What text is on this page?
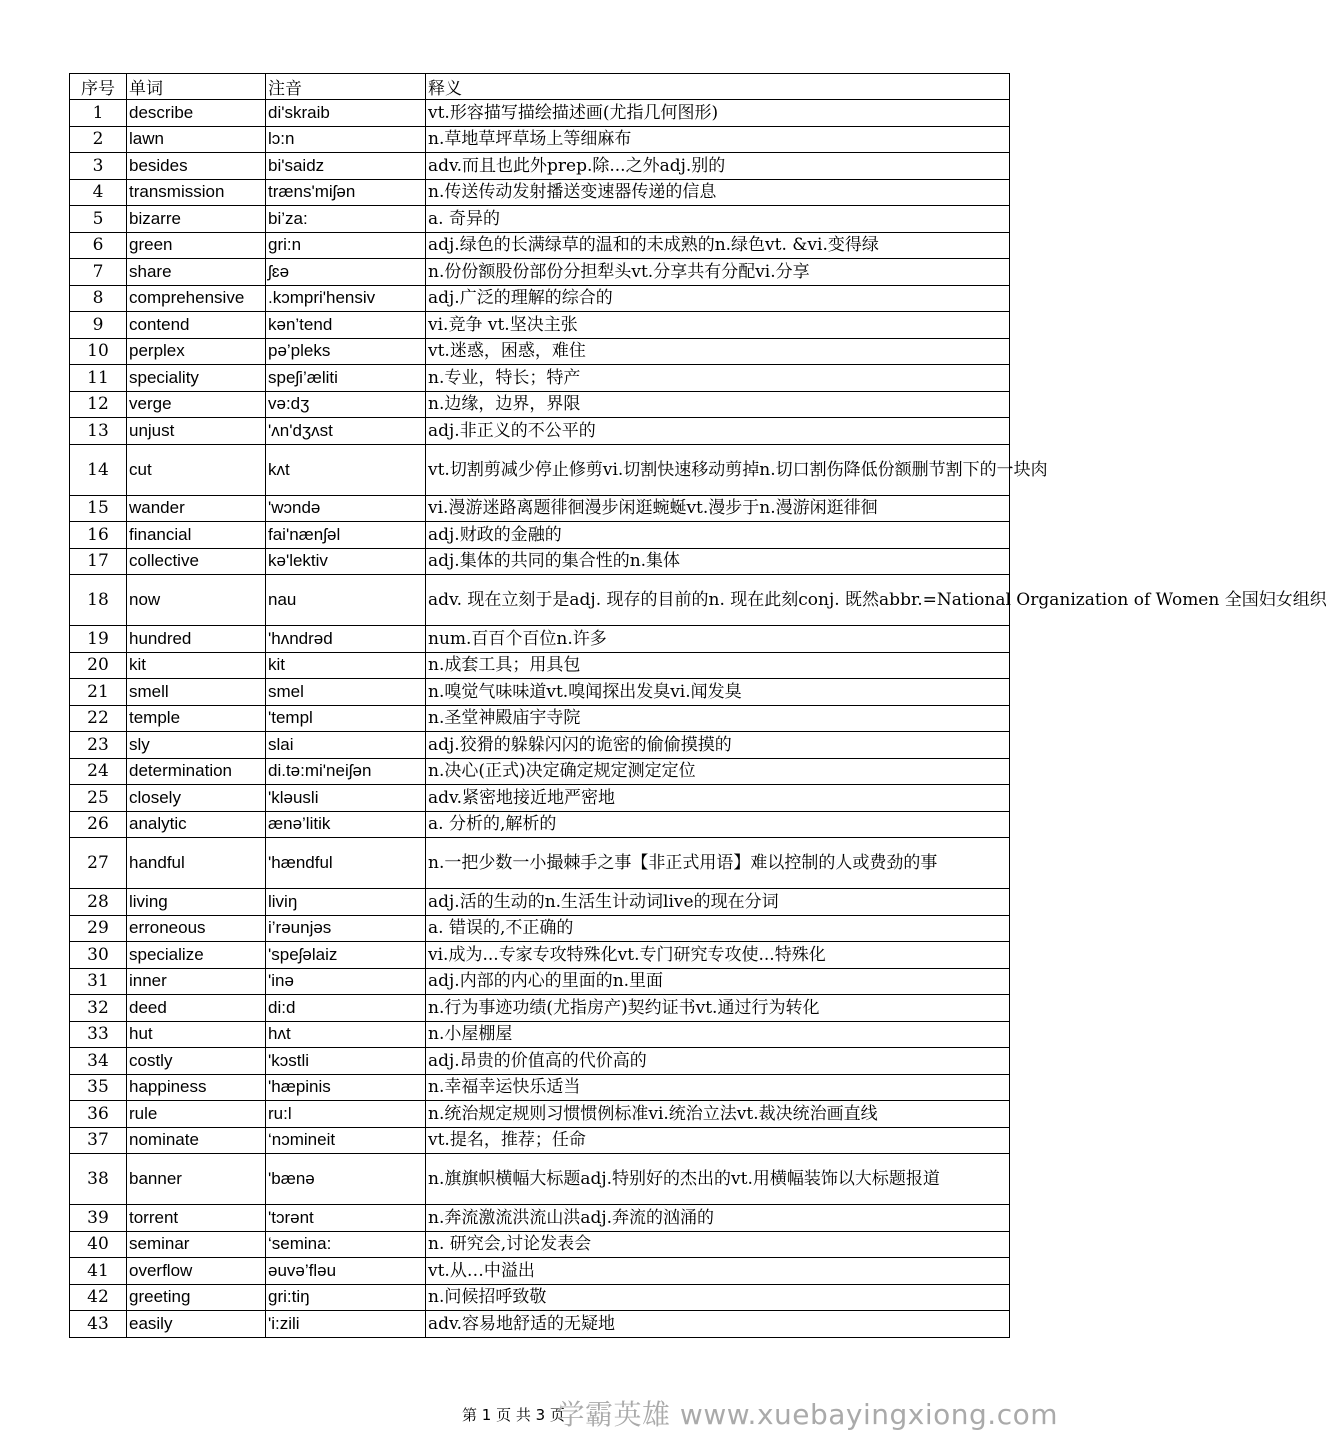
序号	单词	注音	释义
1	describe	di'skraib	vt.形容描写描绘描述画(尤指几何图形)
2	lawn	lɔ:n	n.草地草坪草场上等细麻布
3	besides	bi'saidz	adv.而且也此外prep.除...之外adj.别的
4	transmission	træns'miʃən	n.传送传动发射播送变速器传递的信息
5	bizarre	bi’za:	a. 奇异的
6	green	gri:n	adj.绿色的长满绿草的温和的未成熟的n.绿色vt. &vi.变得绿
7	share	ʃɛə	n.份份额股份部份分担犁头vt.分享共有分配vi.分享
8	comprehensive	.kɔmpri'hensiv	adj.广泛的理解的综合的
9	contend	kən’tend	vi.竞争 vt.坚决主张
10	perplex	pə’pleks	vt.迷惑，困惑，难住
11	speciality	speʃi’æliti	n.专业，特长；特产
12	verge	və:dʒ	n.边缘，边界，界限
13	unjust	'ʌn'dʒʌst	adj.非正义的不公平的
14	cut	kʌt	vt.切割剪减少停止修剪vi.切割快速移动剪掉n.切口割伤降低份额删节割下的一块肉
15	wander	'wɔndə	vi.漫游迷路离题徘徊漫步闲逛蜿蜒vt.漫步于n.漫游闲逛徘徊
16	financial	fai'nænʃəl	adj.财政的金融的
17	collective	kə'lektiv	adj.集体的共同的集合性的n.集体
18	now	nau	adv. 现在立刻于是adj. 现存的目前的n. 现在此刻conj. 既然abbr.=National Organization of Women 全国妇女组织
19	hundred	'hʌndrəd	num.百百个百位n.许多
20	kit	kit	n.成套工具；用具包
21	smell	smel	n.嗅觉气味味道vt.嗅闻探出发臭vi.闻发臭
22	temple	'templ	n.圣堂神殿庙宇寺院
23	sly	slai	adj.狡猾的躲躲闪闪的诡密的偷偷摸摸的
24	determination	di.tə:mi'neiʃən	n.决心(正式)决定确定规定测定定位
25	closely	'kləusli	adv.紧密地接近地严密地
26	analytic	ænə’litik	a. 分析的,解析的
27	handful	'hændful	n.一把少数一小撮棘手之事【非正式用语】难以控制的人或费劲的事
28	living	liviŋ	adj.活的生动的n.生活生计动词live的现在分词
29	erroneous	i’rəunjəs	a. 错误的,不正确的
30	specialize	'speʃəlaiz	vi.成为...专家专攻特殊化vt.专门研究专攻使...特殊化
31	inner	'inə	adj.内部的内心的里面的n.里面
32	deed	di:d	n.行为事迹功绩(尤指房产)契约证书vt.通过行为转化
33	hut	hʌt	n.小屋棚屋
34	costly	'kɔstli	adj.昂贵的价值高的代价高的
35	happiness	'hæpinis	n.幸福幸运快乐适当
36	rule	ru:l	n.统治规定规则习惯惯例标准vi.统治立法vt.裁决统治画直线
37	nominate	‘nɔmineit	vt.提名，推荐；任命
38	banner	'bænə	n.旗旗帜横幅大标题adj.特别好的杰出的vt.用横幅装饰以大标题报道
39	torrent	'tɔrənt	n.奔流激流洪流山洪adj.奔流的汹涌的
40	seminar	‘semina:	n. 研究会,讨论发表会
41	overflow	əuvə’fləu	vt.从…中溢出
42	greeting	gri:tiŋ	n.问候招呼致敬
43	easily	'i:zili	adv.容易地舒适的无疑地
第 1 页 共 3 页
学霸英雄 www.xuebayingxiong.com
